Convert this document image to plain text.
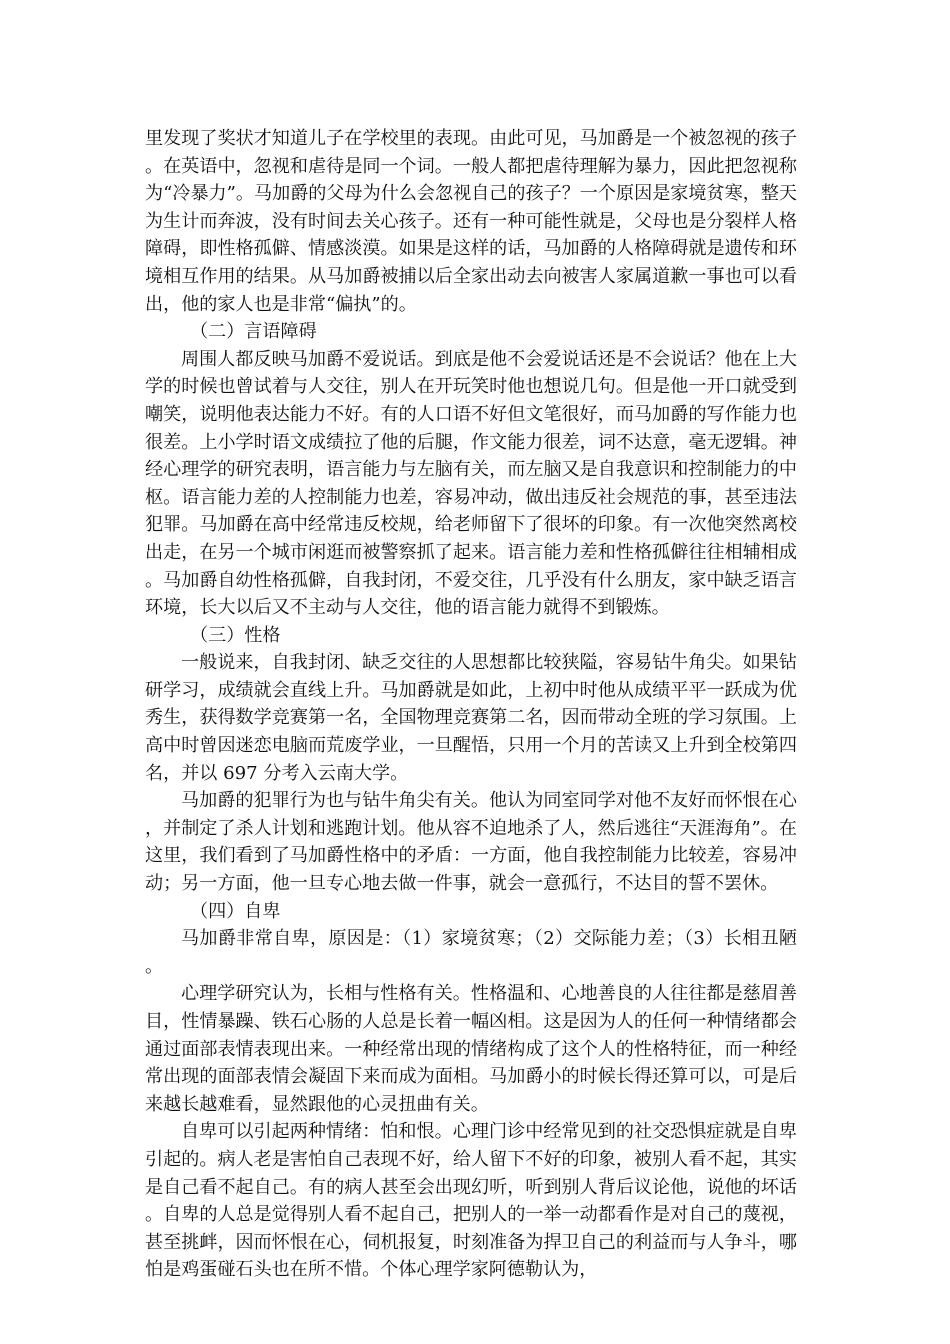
里发现了奖状才知道儿子在学校里的表现。由此可见，马加爵是一个被忽视的孩子。在英语中，忽视和虐待是同一个词。一般人都把虐待理解为暴力，因此把忽视称为“冷暴力”。马加爵的父母为什么会忽视自己的孩子？一个原因是家境贫寒，整天为生计而奔波，没有时间去关心孩子。还有一种可能性就是，父母也是分裂样人格障碍，即性格孤僻、情感淡漠。如果是这样的话，马加爵的人格障碍就是遗传和环境相互作用的结果。从马加爵被捕以后全家出动去向被害人家属道歉一事也可以看出，他的家人也是非常“偏执”的。

（二）言语障碍

周围人都反映马加爵不爱说话。到底是他不会爱说话还是不会说话？他在上大学的时候也曾试着与人交往，别人在开玩笑时他也想说几句。但是他一开口就受到嘲笑，说明他表达能力不好。有的人口语不好但文笔很好，而马加爵的写作能力也很差。上小学时语文成绩拉了他的后腿，作文能力很差，词不达意，毫无逻辑。神经心理学的研究表明，语言能力与左脑有关，而左脑又是自我意识和控制能力的中枢。语言能力差的人控制能力也差，容易冲动，做出违反社会规范的事，甚至违法犯罪。马加爵在高中经常违反校规，给老师留下了很坏的印象。有一次他突然离校出走，在另一个城市闲逛而被警察抓了起来。语言能力差和性格孤僻往往相辅相成。马加爵自幼性格孤僻，自我封闭，不爱交往，几乎没有什么朋友，家中缺乏语言环境，长大以后又不主动与人交往，他的语言能力就得不到锻炼。

（三）性格

一般说来，自我封闭、缺乏交往的人思想都比较狭隘，容易钻牛角尖。如果钻研学习，成绩就会直线上升。马加爵就是如此，上初中时他从成绩平平一跃成为优秀生，获得数学竞赛第一名，全国物理竞赛第二名，因而带动全班的学习氛围。上高中时曾因迷恋电脑而荒废学业，一旦醒悟，只用一个月的苦读又上升到全校第四名，并以 697 分考入云南大学。

马加爵的犯罪行为也与钻牛角尖有关。他认为同室同学对他不友好而怀恨在心，并制定了杀人计划和逃跑计划。他从容不迫地杀了人，然后逃往“天涯海角”。在这里，我们看到了马加爵性格中的矛盾：一方面，他自我控制能力比较差，容易冲动；另一方面，他一旦专心地去做一件事，就会一意孤行，不达目的誓不罢休。

（四）自卑

马加爵非常自卑，原因是：（1）家境贫寒；（2）交际能力差；（3）长相丑陋。

心理学研究认为，长相与性格有关。性格温和、心地善良的人往往都是慈眉善目，性情暴躁、铁石心肠的人总是长着一幅凶相。这是因为人的任何一种情绪都会通过面部表情表现出来。一种经常出现的情绪构成了这个人的性格特征，而一种经常出现的面部表情会凝固下来而成为面相。马加爵小的时候长得还算可以，可是后来越长越难看，显然跟他的心灵扭曲有关。

自卑可以引起两种情绪：怕和恨。心理门诊中经常见到的社交恐惧症就是自卑引起的。病人老是害怕自己表现不好，给人留下不好的印象，被别人看不起，其实是自己看不起自己。有的病人甚至会出现幻听，听到别人背后议论他，说他的坏话。自卑的人总是觉得别人看不起自己，把别人的一举一动都看作是对自己的蔑视，甚至挑衅，因而怀恨在心，伺机报复，时刻准备为捍卫自己的利益而与人争斗，哪怕是鸡蛋碰石头也在所不惜。个体心理学家阿德勒认为，
